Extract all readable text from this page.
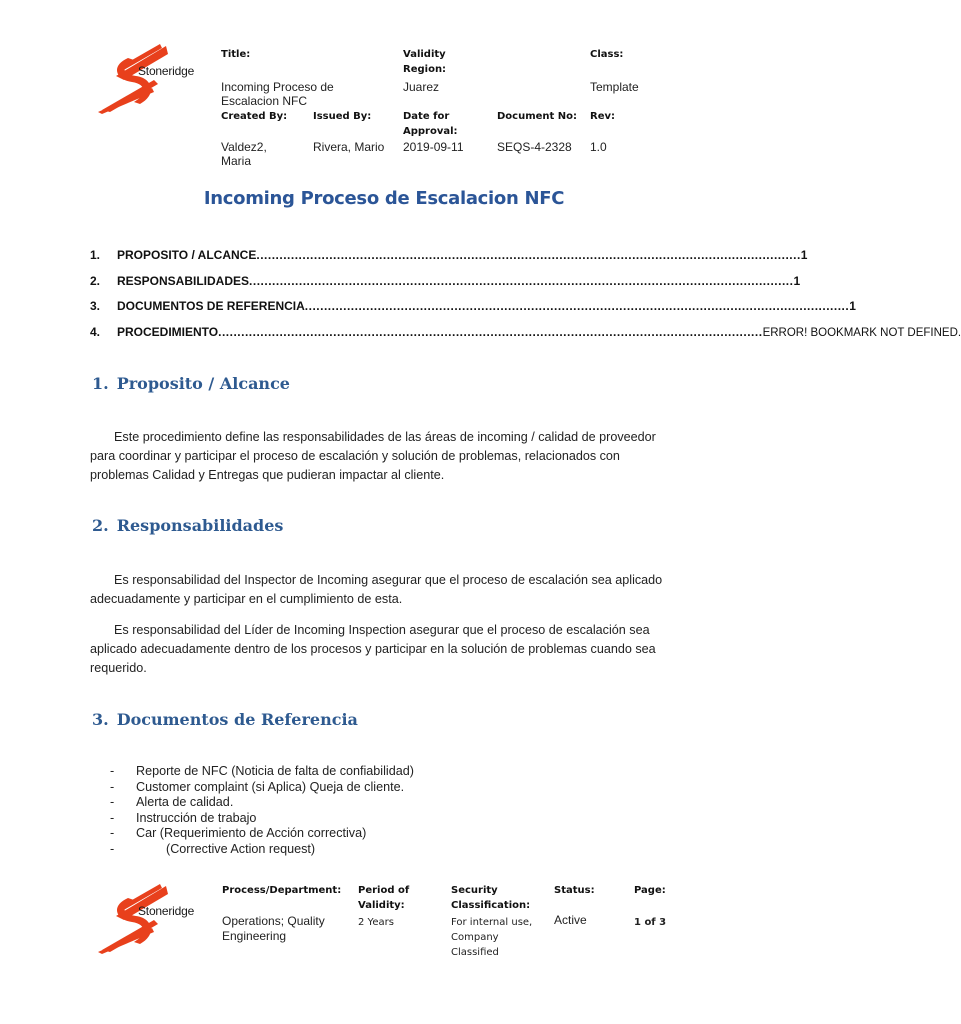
Stoneridge
Title:
Incoming Proceso de Escalacion NFC
Validity Region:
Juarez
Class:
Template
Created By:
Valdez2, Maria
Issued By:
Rivera, Mario
Date for Approval:
2019-09-11
Document No:
SEQS-4-2328
Rev:
1.0
Incoming Proceso de Escalacion NFC
1.	PROPOSITO / ALCANCE .............................................................................................................................................. 1
2.	RESPONSABILIDADES .............................................................................................................................................. 1
3.	DOCUMENTOS DE REFERENCIA .............................................................................................................................................. 1
4.	PROCEDIMIENTO .............................................................................................................................................. ERROR! BOOKMARK NOT DEFINED.
1. Proposito / Alcance

Este procedimiento define las responsabilidades de las áreas de incoming / calidad de proveedor para coordinar y participar el proceso de escalación y solución de problemas, relacionados con problemas Calidad y Entregas que pudieran impactar al cliente.

2. Responsabilidades

Es responsabilidad del Inspector de Incoming asegurar que el proceso de escalación sea aplicado adecuadamente y participar en el cumplimiento de esta.

Es responsabilidad del Líder de Incoming Inspection asegurar que el proceso de escalación sea aplicado adecuadamente dentro de los procesos y participar en la solución de problemas cuando sea requerido.

3. Documentos de Referencia
-	Reporte de NFC (Noticia de falta de confiabilidad)
-	Customer complaint (si Aplica) Queja de cliente.
-	Alerta de calidad.
-	Instrucción de trabajo
-	Car (Requerimiento de Acción correctiva)
-	(Corrective Action request)
Stoneridge
Process/Department:
Operations; Quality Engineering
Period of Validity:
2 Years
Security Classification:
For internal use, Company Classified
Status:
Active
Page:
1 of 3
